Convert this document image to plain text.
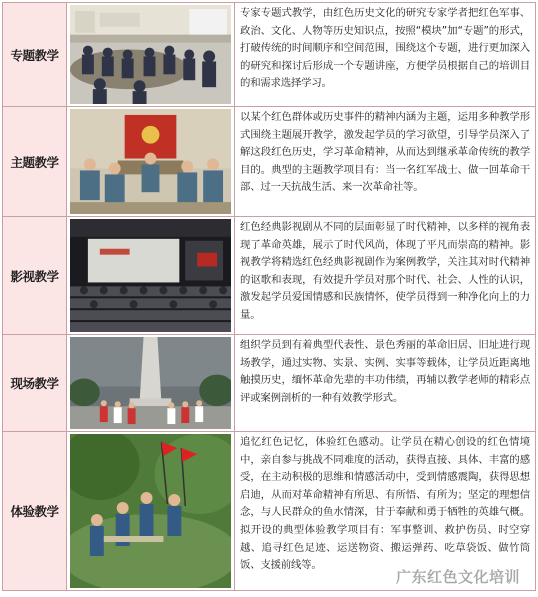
专题教学
专家专题式教学，由红色历史文化的研究专家学者把红色军事、政治、文化、人物等历史知识点，按照“模块”加“专题”的形式，打破传统的时间顺序和空间范围，围绕这个专题，进行更加深入的研究和探讨后形成一个专题讲座，方便学员根据自己的培训目的和需求选择学习。
主题教学
以某个红色群体或历史事件的精神内涵为主题，运用多种教学形式围绕主题展开教学，激发起学员的学习欲望，引导学员深入了解这段红色历史，学习革命精神，从而达到继承革命传统的教学目的。典型的主题教学项目有：当一名红军战士、做一回革命干部、过一天抗战生活、来一次革命社等。
影视教学
红色经典影视剧从不同的层面彰显了时代精神，以多样的视角表现了革命英雄，展示了时代风尚，体现了平凡而崇高的精神。影视教学将精选红色经典影视剧作为案例教学，关注其对时代精神的讴歌和表现，有效提升学员对那个时代、社会、人性的认识，激发起学员爱国情感和民族情怀，使学员得到一种净化向上的力量。
现场教学
组织学员到有着典型代表性、景色秀丽的革命旧居、旧址进行现场教学，通过实物、实景、实例、实事等载体，让学员近距离地触摸历史，缅怀革命先辈的丰功伟绩，再辅以教学老师的精彩点评或案例剖析的一种有效教学形式。
体验教学
追忆红色记忆，体验红色感动。让学员在精心创设的红色情境中，亲自参与挑战不同难度的活动，获得直接、具体、丰富的感受，在主动积极的思维和情感活动中，受到情感震陶，获得思想启迪，从而对革命精神有所思、有所悟、有所为；坚定的理想信念，与人民群众的鱼水情深，甘于奉献和勇于牺牲的英雄气概。拟开设的典型体验教学项目有：军事整训、救护伤员、时空穿越、追寻红色足迹、运送物资、搬运弹药、吃草袋饭、做竹筒饭、支援前线等。
广东红色文化培训
